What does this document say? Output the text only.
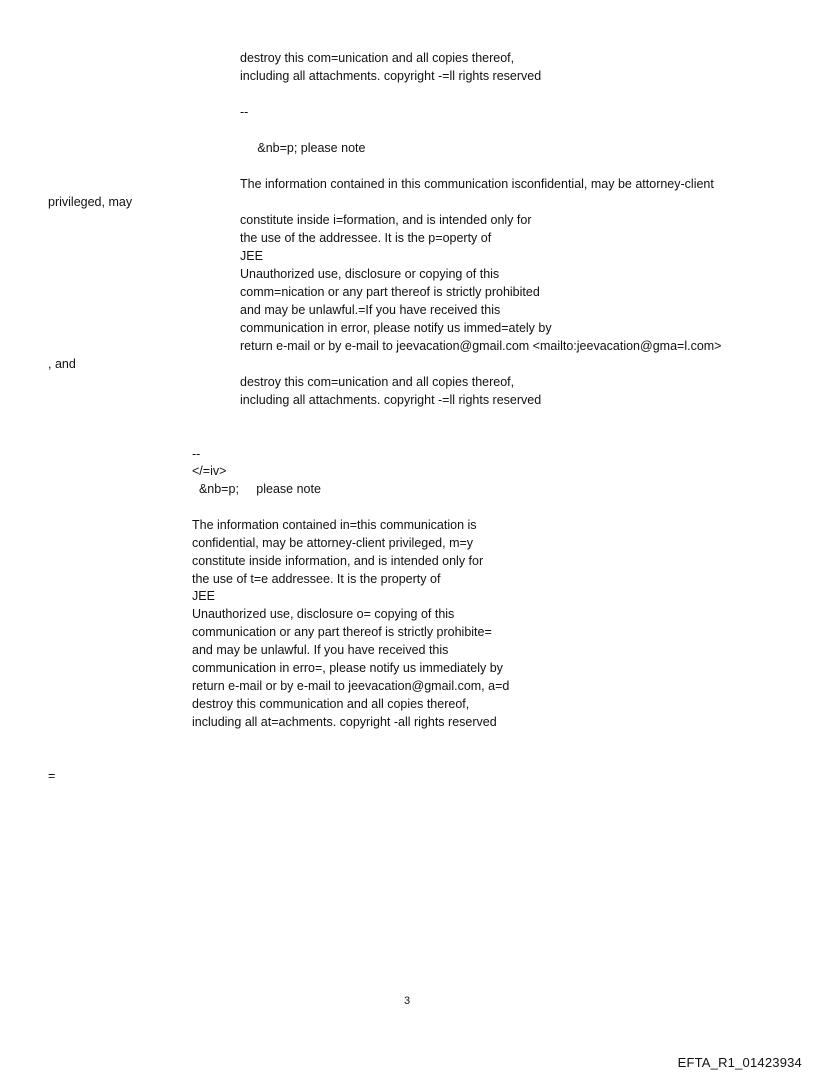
destroy this com=unication and all copies thereof,
including all attachments. copyright -=ll rights reserved
--
&nb=p; please note
The information contained in this communication isconfidential, may be attorney-client
privileged, may
constitute inside i=formation, and is intended only for
the use of the addressee. It is the p=operty of
JEE
Unauthorized use, disclosure or copying of this
comm=nication or any part thereof is strictly prohibited
and may be unlawful.=If you have received this
communication in error, please notify us immed=ately by
return e-mail or by e-mail to jeevacation@gmail.com <mailto:jeevacation@gma=l.com>
, and
destroy this com=unication and all copies thereof,
including all attachments. copyright -=ll rights reserved
--
</=iv>
&nb=p;     please note
The information contained in=this communication is
confidential, may be attorney-client privileged, m=y
constitute inside information, and is intended only for
the use of t=e addressee. It is the property of
JEE
Unauthorized use, disclosure o= copying of this
communication or any part thereof is strictly prohibite=
and may be unlawful. If you have received this
communication in erro=, please notify us immediately by
return e-mail or by e-mail to jeevacation@gmail.com, a=d
destroy this communication and all copies thereof,
including all at=achments. copyright -all rights reserved
=
3
EFTA_R1_01423934
